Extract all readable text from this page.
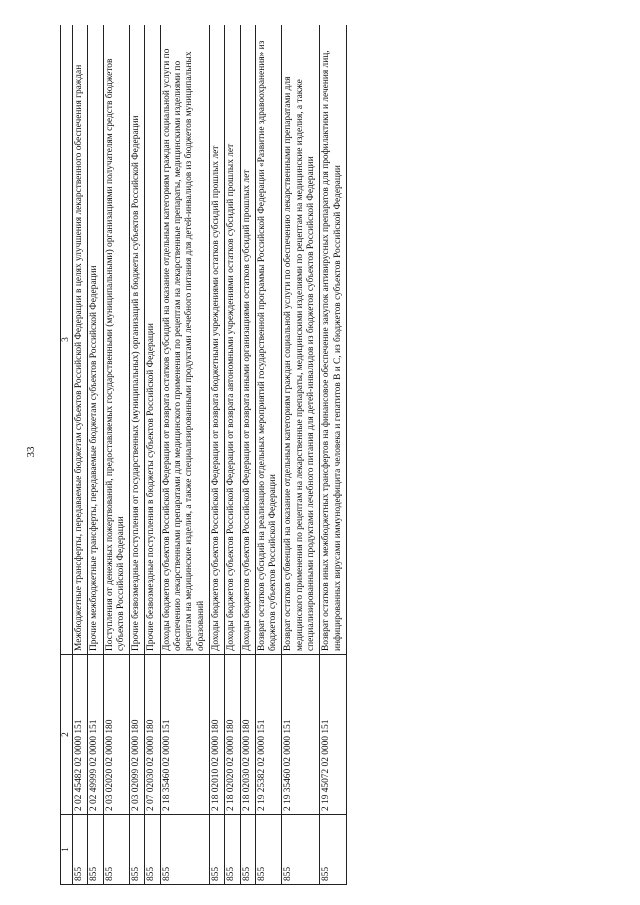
33
1	2	3
855	2 02 45482 02 0000 151	Межбюджетные трансферты, передаваемые бюджетам субъектов Российской Федерации в целях улучшения лекарственного обеспечения граждан
855	2 02 49999 02 0000 151	Прочие межбюджетные трансферты, передаваемые бюджетам субъектов Российской Федерации
855	2 03 02020 02 0000 180	Поступления от денежных пожертвований, предоставляемых государственными (муниципальными) организациями получателям средств бюджетов субъектов Российской Федерации
855	2 03 02099 02 0000 180	Прочие безвозмездные поступления от государственных (муниципальных) организаций в бюджеты субъектов Российской Федерации
855	2 07 02030 02 0000 180	Прочие безвозмездные поступления в бюджеты субъектов Российской Федерации
855	2 18 35460 02 0000 151	Доходы бюджетов субъектов Российской Федерации от возврата остатков субсидий на оказание отдельным категориям граждан социальной услуги по обеспечению лекарственными препаратами для медицинского применения по рецептам на лекарственные препараты, медицинскими изделиями по рецептам на медицинские изделия, а также специализированными продуктами лечебного питания для детей-инвалидов из бюджетов муниципальных образований
855	2 18 02010 02 0000 180	Доходы бюджетов субъектов Российской Федерации от возврата бюджетными учреждениями остатков субсидий прошлых лет
855	2 18 02020 02 0000 180	Доходы бюджетов субъектов Российской Федерации от возврата автономными учреждениями остатков субсидий прошлых лет
855	2 18 02030 02 0000 180	Доходы бюджетов субъектов Российской Федерации от возврата иными организациями остатков субсидий прошлых лет
855	2 19 25382 02 0000 151	Возврат остатков субсидий на реализацию отдельных мероприятий государственной программы Российской Федерации «Развитие здравоохранения» из бюджетов субъектов Российской Федерации
855	2 19 35460 02 0000 151	Возврат остатков субвенций на оказание отдельным категориям граждан социальной услуги по обеспечению лекарственными препаратами для медицинского применения по рецептам на лекарственные препараты, медицинскими изделиями по рецептам на медицинские изделия, а также специализированными продуктами лечебного питания для детей-инвалидов из бюджетов субъектов Российской Федерации
855	2 19 45072 02 0000 151	Возврат остатков иных межбюджетных трансфертов на финансовое обеспечение закупок антивирусных препаратов для профилактики и лечения лиц, инфицированных вирусами иммунодефицита человека и гепатитов B и C, из бюджетов субъектов Российской Федерации
